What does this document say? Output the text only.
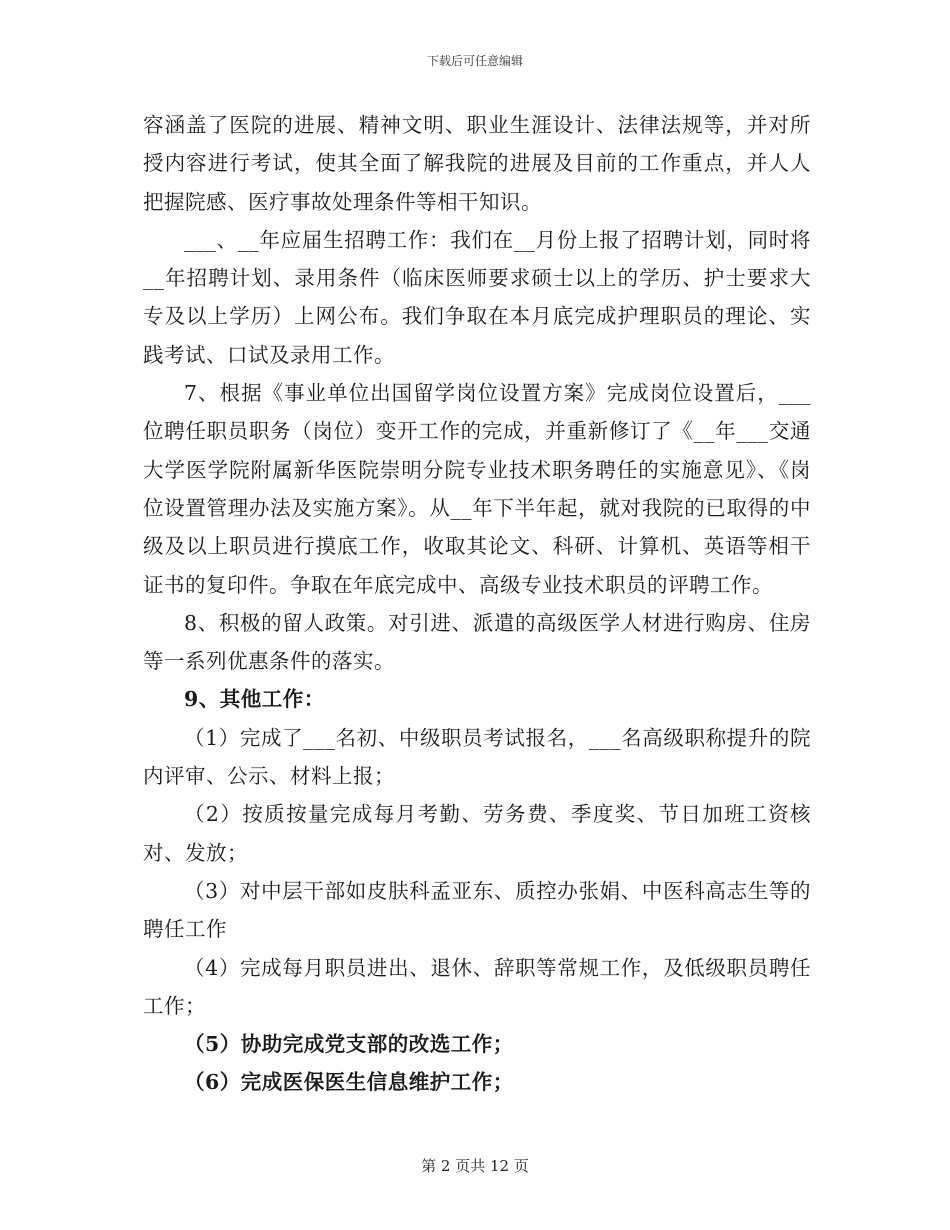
下载后可任意编辑

容涵盖了医院的进展、精神文明、职业生涯设计、法律法规等，并对所授内容进行考试，使其全面了解我院的进展及目前的工作重点，并人人把握院感、医疗事故处理条件等相干知识。

___、__年应届生招聘工作：我们在__月份上报了招聘计划，同时将__年招聘计划、录用条件（临床医师要求硕士以上的学历、护士要求大专及以上学历）上网公布。我们争取在本月底完成护理职员的理论、实践考试、口试及录用工作。

7、根据《事业单位出国留学岗位设置方案》完成岗位设置后，___位聘任职员职务（岗位）变开工作的完成，并重新修订了《__年___交通大学医学院附属新华医院崇明分院专业技术职务聘任的实施意见》、《岗位设置管理办法及实施方案》。从__年下半年起，就对我院的已取得的中级及以上职员进行摸底工作，收取其论文、科研、计算机、英语等相干证书的复印件。争取在年底完成中、高级专业技术职员的评聘工作。

8、积极的留人政策。对引进、派遣的高级医学人材进行购房、住房等一系列优惠条件的落实。

9、其他工作：

（1）完成了___名初、中级职员考试报名，___名高级职称提升的院内评审、公示、材料上报；

（2）按质按量完成每月考勤、劳务费、季度奖、节日加班工资核对、发放；

（3）对中层干部如皮肤科孟亚东、质控办张娟、中医科高志生等的聘任工作

（4）完成每月职员进出、退休、辞职等常规工作，及低级职员聘任工作；

（5）协助完成党支部的改选工作；

（6）完成医保医生信息维护工作；

第 2 页共 12 页
